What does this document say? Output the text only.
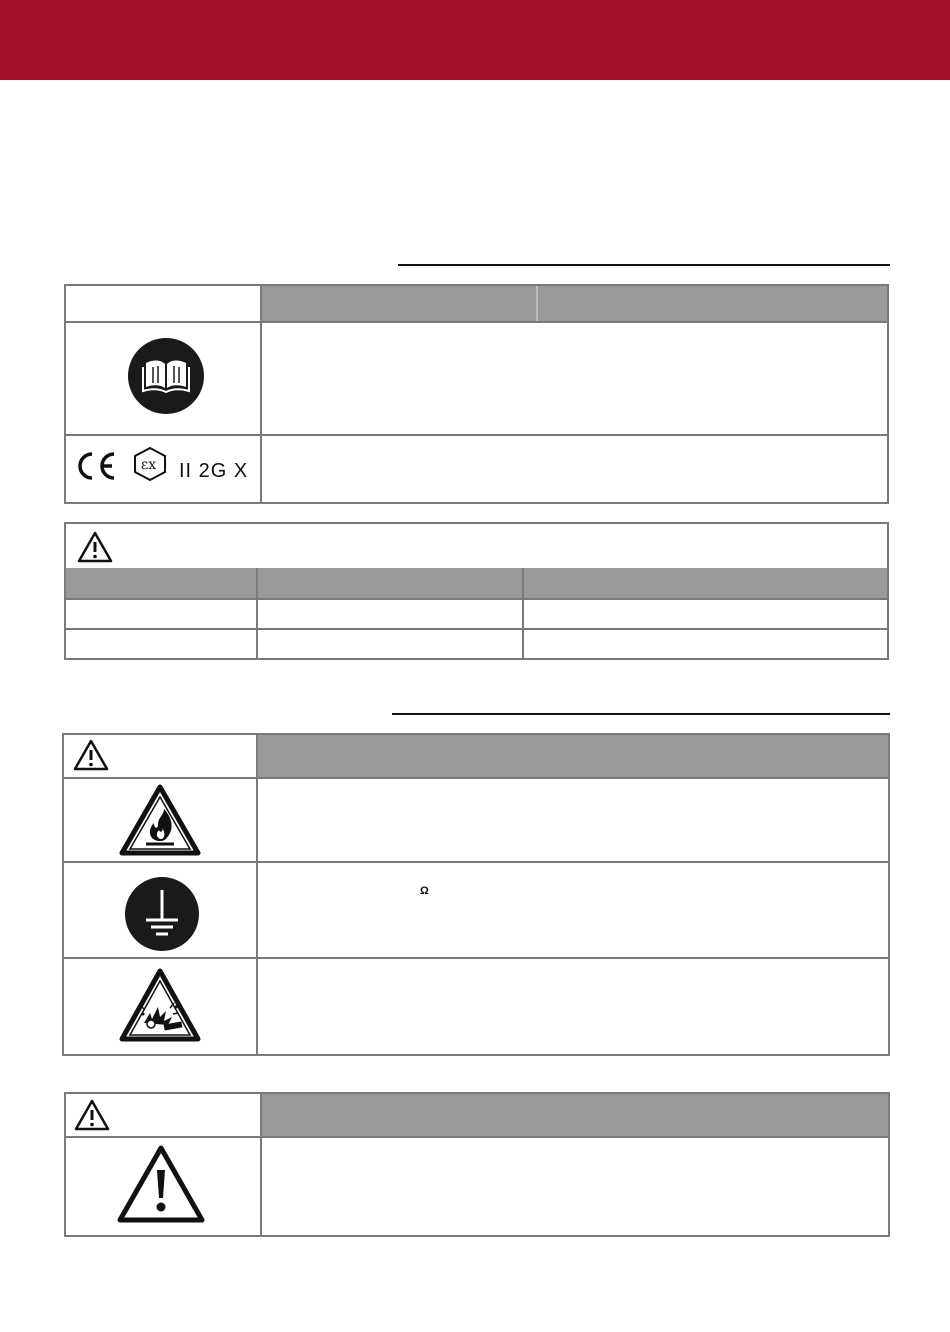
εx II 2G X
Ω
